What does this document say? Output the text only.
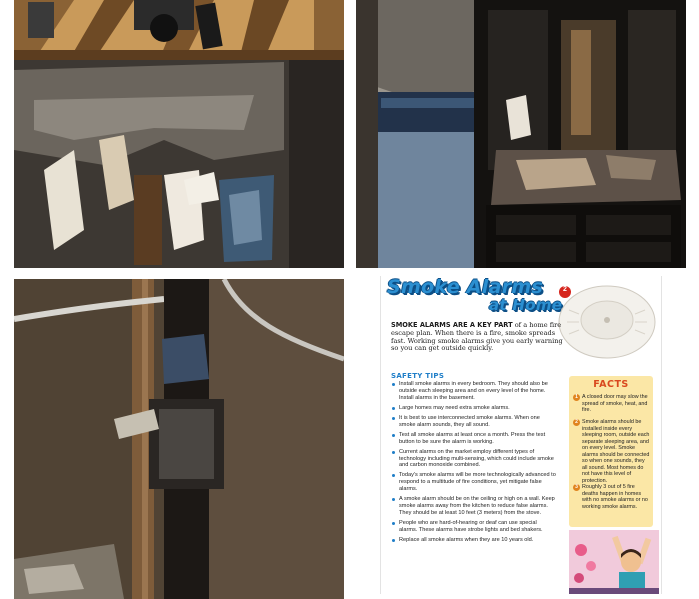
Smoke Alarms
at Home
2
SMOKE ALARMS ARE A KEY PART of a home fire escape plan. When there is a fire, smoke spreads fast. Working smoke alarms give you early warning so you can get outside quickly.
SAFETY TIPS
Install smoke alarms in every bedroom. They should also be outside each sleeping area and on every level of the home. Install alarms in the basement.
Large homes may need extra smoke alarms.
It is best to use interconnected smoke alarms. When one smoke alarm sounds, they all sound.
Test all smoke alarms at least once a month. Press the test button to be sure the alarm is working.
Current alarms on the market employ different types of technology including multi-sensing, which could include smoke and carbon monoxide combined.
Today's smoke alarms will be more technologically advanced to respond to a multitude of fire conditions, yet mitigate false alarms.
A smoke alarm should be on the ceiling or high on a wall. Keep smoke alarms away from the kitchen to reduce false alarms. They should be at least 10 feet (3 meters) from the stove.
People who are hard-of-hearing or deaf can use special alarms. These alarms have strobe lights and bed shakers.
Replace all smoke alarms when they are 10 years old.
FACTS
1 A closed door may slow the spread of smoke, heat, and fire.
2 Smoke alarms should be installed inside every sleeping room, outside each separate sleeping area, and on every level. Smoke alarms should be connected so when one sounds, they all sound. Most homes do not have this level of protection.
3 Roughly 3 out of 5 fire deaths happen in homes with no smoke alarms or no working smoke alarms.
